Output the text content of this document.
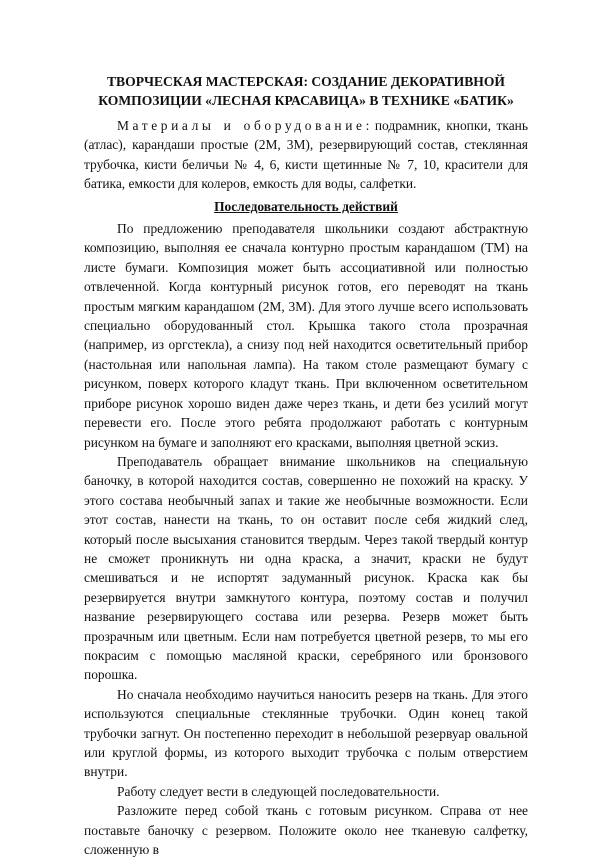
ТВОРЧЕСКАЯ МАСТЕРСКАЯ: СОЗДАНИЕ ДЕКОРАТИВНОЙ КОМПОЗИЦИИ «ЛЕСНАЯ КРАСАВИЦА» В ТЕХНИКЕ «БАТИК»

Материалы и оборудование: подрамник, кнопки, ткань (атлас), карандаши простые (2М, 3М), резервирующий состав, стеклянная трубочка, кисти беличьи № 4, 6, кисти щетинные № 7, 10, красители для батика, емкости для колеров, емкость для воды, салфетки.

Последовательность действий

По предложению преподавателя школьники создают абстрактную композицию, выполняя ее сначала контурно простым карандашом (ТМ) на листе бумаги. Композиция может быть ассоциативной или полностью отвлеченной. Когда контурный рисунок готов, его переводят на ткань простым мягким карандашом (2М, 3М). Для этого лучше всего использовать специально оборудованный стол. Крышка такого стола прозрачная (например, из оргстекла), а снизу под ней находится осветительный прибор (настольная или напольная лампа). На таком столе размещают бумагу с рисунком, поверх которого кладут ткань. При включенном осветительном приборе рисунок хорошо виден даже через ткань, и дети без усилий могут перевести его. После этого ребята продолжают работать с контурным рисунком на бумаге и заполняют его красками, выполняя цветной эскиз.

Преподаватель обращает внимание школьников на специальную баночку, в которой находится состав, совершенно не похожий на краску. У этого состава необычный запах и такие же необычные возможности. Если этот состав, нанести на ткань, то он оставит после себя жидкий след, который после высыхания становится твердым. Через такой твердый контур не сможет проникнуть ни одна краска, а значит, краски не будут смешиваться и не испортят задуманный рисунок. Краска как бы резервируется внутри замкнутого контура, поэтому состав и получил название резервирующего состава или резерва. Резерв может быть прозрачным или цветным. Если нам потребуется цветной резерв, то мы его покрасим с помощью масляной краски, серебряного или бронзового порошка.

Но сначала необходимо научиться наносить резерв на ткань. Для этого используются специальные стеклянные трубочки. Один конец такой трубочки загнут. Он постепенно переходит в небольшой резервуар овальной или круглой формы, из которого выходит трубочка с полым отверстием внутри.

Работу следует вести в следующей последовательности.

Разложите перед собой ткань с готовым рисунком. Справа от нее поставьте баночку с резервом. Положите около нее тканевую салфетку, сложенную в
